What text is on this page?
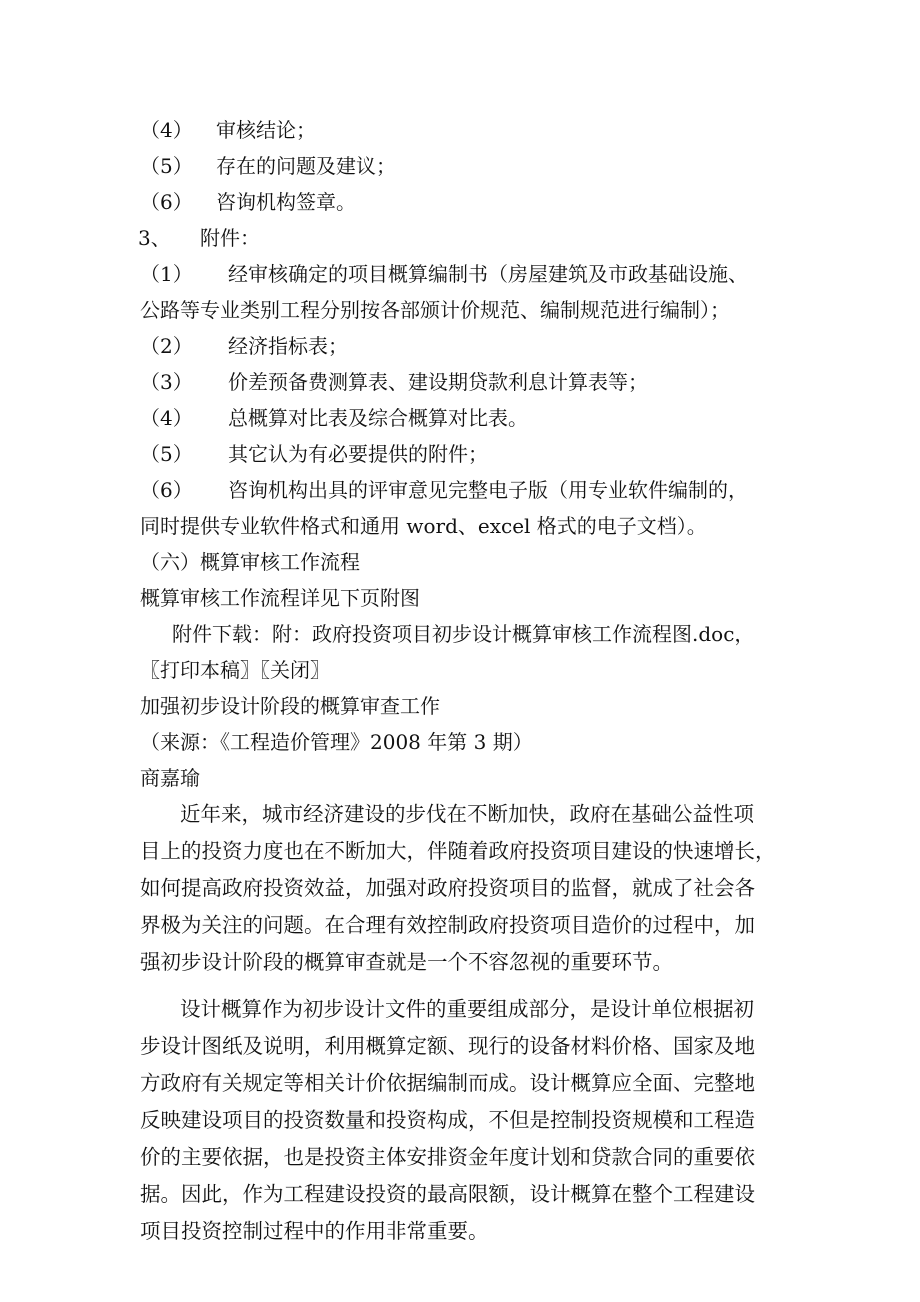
（4） 审核结论；
（5） 存在的问题及建议；
（6） 咨询机构签章。
3、 附件：
（1） 经审核确定的项目概算编制书（房屋建筑及市政基础设施、
公路等专业类别工程分别按各部颁计价规范、编制规范进行编制）；
（2） 经济指标表；
（3） 价差预备费测算表、建设期贷款利息计算表等；
（4） 总概算对比表及综合概算对比表。
（5） 其它认为有必要提供的附件；
（6） 咨询机构出具的评审意见完整电子版（用专业软件编制的，
同时提供专业软件格式和通用 word、excel 格式的电子文档）。
（六）概算审核工作流程
概算审核工作流程详见下页附图
附件下载：附：政府投资项目初步设计概算审核工作流程图.doc，
〖打印本稿〗〖关闭〗
加强初步设计阶段的概算审查工作
（来源：《工程造价管理》2008 年第 3 期）
商嘉瑜
近年来，城市经济建设的步伐在不断加快，政府在基础公益性项
目上的投资力度也在不断加大，伴随着政府投资项目建设的快速增长，
如何提高政府投资效益，加强对政府投资项目的监督，就成了社会各
界极为关注的问题。在合理有效控制政府投资项目造价的过程中，加
强初步设计阶段的概算审查就是一个不容忽视的重要环节。
设计概算作为初步设计文件的重要组成部分，是设计单位根据初
步设计图纸及说明，利用概算定额、现行的设备材料价格、国家及地
方政府有关规定等相关计价依据编制而成。设计概算应全面、完整地
反映建设项目的投资数量和投资构成，不但是控制投资规模和工程造
价的主要依据，也是投资主体安排资金年度计划和贷款合同的重要依
据。因此，作为工程建设投资的最高限额，设计概算在整个工程建设
项目投资控制过程中的作用非常重要。
